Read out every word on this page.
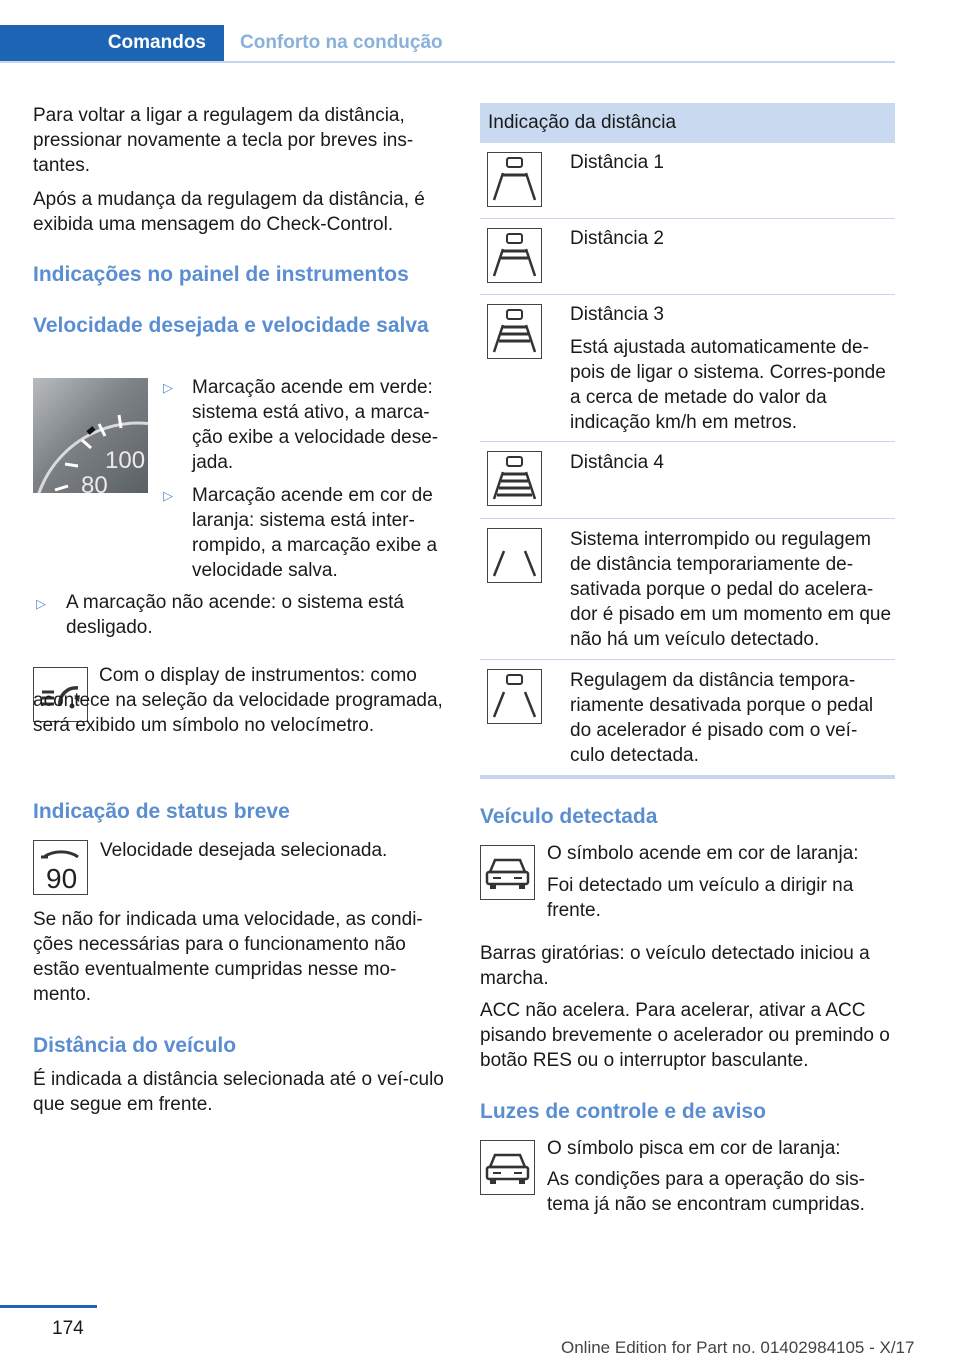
Comandos	Conforto na condução

Para voltar a ligar a regulagem da distância, pressionar novamente a tecla por breves ins‐tantes.

Após a mudança da regulagem da distância, é exibida uma mensagem do Check-Control.

Indicações no painel de instrumentos

Velocidade desejada e velocidade salva

100
80
▷ Marcação acende em verde: sistema está ativo, a marca‐ção exibe a velocidade dese‐jada.

▷ Marcação acende em cor de laranja: sistema está inter‐rompido, a marcação exibe a velocidade salva.

▷ A marcação não acende: o sistema está desligado.

Com o display de instrumentos: como acontece na seleção da velocidade programada, será exibido um símbolo no velocímetro.

Indicação de status breve

90

Velocidade desejada selecionada.

Se não for indicada uma velocidade, as condi‐ções necessárias para o funcionamento não estão eventualmente cumpridas nesse mo‐mento.

Distância do veículo

É indicada a distância selecionada até o veí‐culo que segue em frente.

Indicação da distância

Distância 1

Distância 2

Distância 3

Está ajustada automaticamente de‐pois de ligar o sistema. Corres‐ponde a cerca de metade do valor da indicação km/h em metros.

Distância 4

Sistema interrompido ou regulagem de distância temporariamente de‐sativada porque o pedal do acelera‐dor é pisado em um momento em que não há um veículo detectado.

Regulagem da distância tempora‐riamente desativada porque o pedal do acelerador é pisado com o veí‐culo detectada.

Veículo detectada

O símbolo acende em cor de laranja:

Foi detectado um veículo a dirigir na frente.

Barras giratórias: o veículo detectado iniciou a marcha.

ACC não acelera. Para acelerar, ativar a ACC pisando brevemente o acelerador ou premindo o botão RES ou o interruptor basculante.

Luzes de controle e de aviso

O símbolo pisca em cor de laranja:

As condições para a operação do sis‐tema já não se encontram cumpridas.

174
Online Edition for Part no. 01402984105 - X/17
